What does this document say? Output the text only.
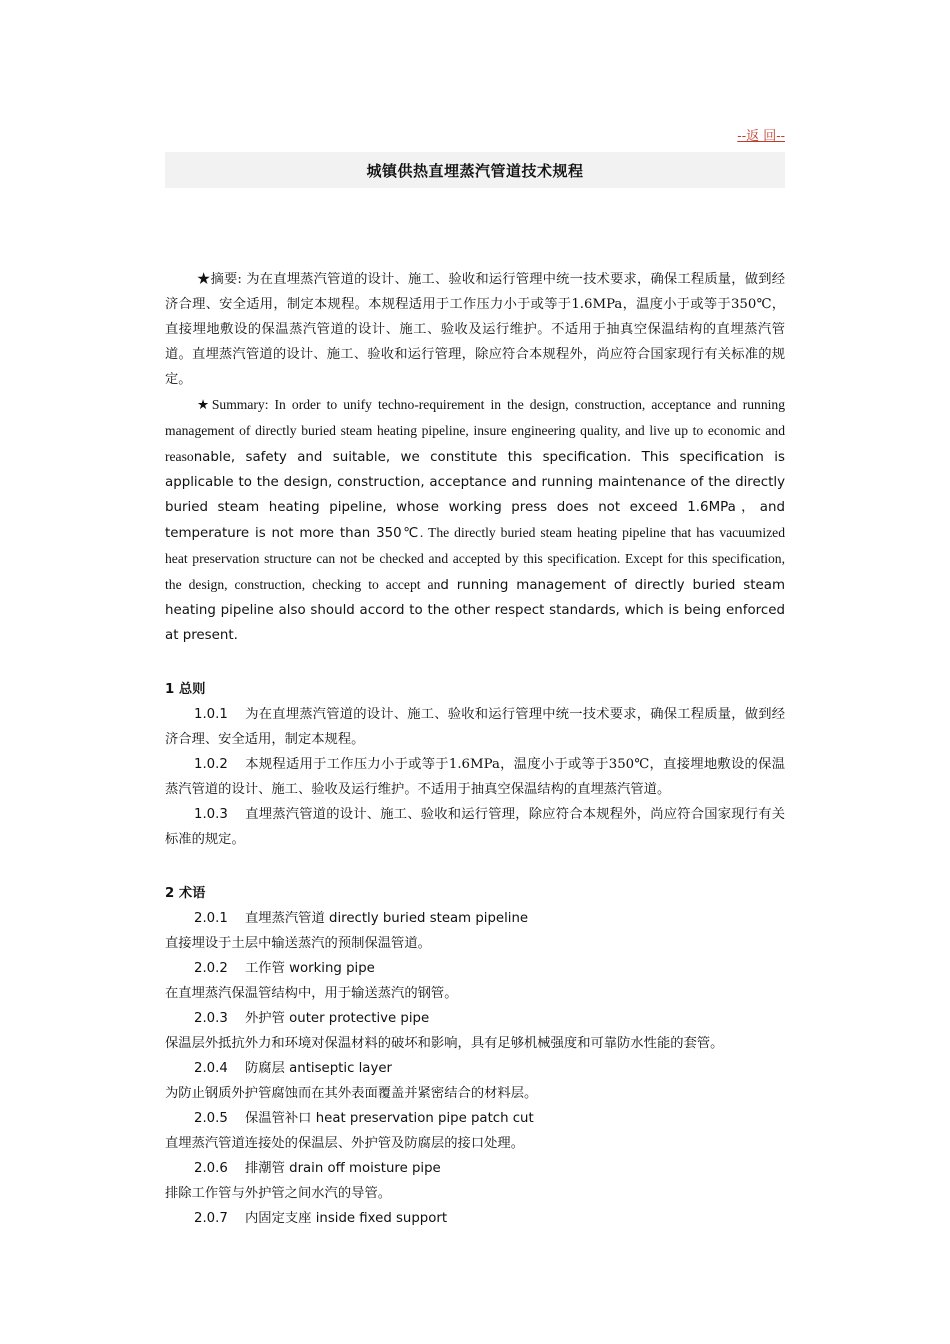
--返 回--
城镇供热直埋蒸汽管道技术规程

★摘要: 为在直埋蒸汽管道的设计、施工、验收和运行管理中统一技术要求，确保工程质量，做到经济合理、安全适用，制定本规程。本规程适用于工作压力小于或等于1.6MPa，温度小于或等于350℃，直接埋地敷设的保温蒸汽管道的设计、施工、验收及运行维护。不适用于抽真空保温结构的直埋蒸汽管道。直埋蒸汽管道的设计、施工、验收和运行管理，除应符合本规程外，尚应符合国家现行有关标准的规定。

★Summary: In order to unify techno-requirement in the design, construction, acceptance and running management of directly buried steam heating pipeline, insure engineering quality, and live up to economic and reasonable, safety and suitable, we constitute this specification. This specification is applicable to the design, construction, acceptance and running maintenance of the directly buried steam heating pipeline, whose working press does not exceed 1.6MPa，and temperature is not more than 350℃. The directly buried steam heating pipeline that has vacuumized heat preservation structure can not be checked and accepted by this specification. Except for this specification, the design, construction, checking to accept and running management of directly buried steam heating pipeline also should accord to the other respect standards, which is being enforced at present.

1 总则

1.0.1 为在直埋蒸汽管道的设计、施工、验收和运行管理中统一技术要求，确保工程质量，做到经济合理、安全适用，制定本规程。

1.0.2 本规程适用于工作压力小于或等于1.6MPa，温度小于或等于350℃，直接埋地敷设的保温蒸汽管道的设计、施工、验收及运行维护。不适用于抽真空保温结构的直埋蒸汽管道。

1.0.3 直埋蒸汽管道的设计、施工、验收和运行管理，除应符合本规程外，尚应符合国家现行有关标准的规定。

2 术语

2.0.1 直埋蒸汽管道 directly buried steam pipeline

直接埋设于土层中输送蒸汽的预制保温管道。

2.0.2 工作管 working pipe

在直埋蒸汽保温管结构中，用于输送蒸汽的钢管。

2.0.3 外护管 outer protective pipe

保温层外抵抗外力和环境对保温材料的破坏和影响，具有足够机械强度和可靠防水性能的套管。

2.0.4 防腐层 antiseptic layer

为防止钢质外护管腐蚀而在其外表面覆盖并紧密结合的材料层。

2.0.5 保温管补口 heat preservation pipe patch cut

直埋蒸汽管道连接处的保温层、外护管及防腐层的接口处理。

2.0.6 排潮管 drain off moisture pipe

排除工作管与外护管之间水汽的导管。

2.0.7 内固定支座 inside fixed support
